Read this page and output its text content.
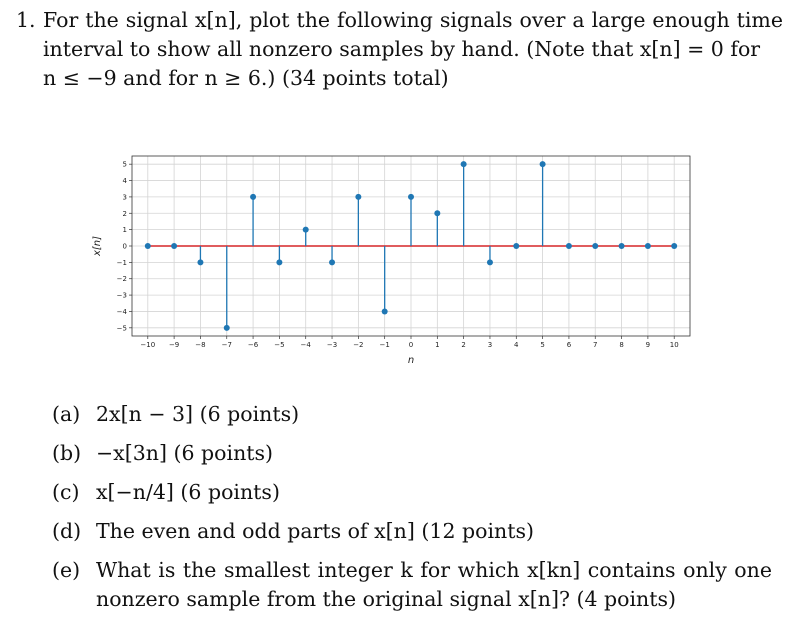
1. For the signal x[n], plot the following signals over a large enough time
interval to show all nonzero samples by hand. (Note that x[n] = 0 for
n ≤ −9 and for n ≥ 6.) (34 points total)
−10 −9 −8 −7 −6 −5 −4 −3 −2 −1	0	1	2	3	4	5	6	7	8	9	10
5
4
3
2
1
0
−1
−2
−3
−4
−5
n
x[n]
(a) 2x[n − 3] (6 points)
(b) −x[3n] (6 points)
(c) x[−n/4] (6 points)
(d) The even and odd parts of x[n] (12 points)
(e) What is the smallest integer k for which x[kn] contains only one
nonzero sample from the original signal x[n]? (4 points)
